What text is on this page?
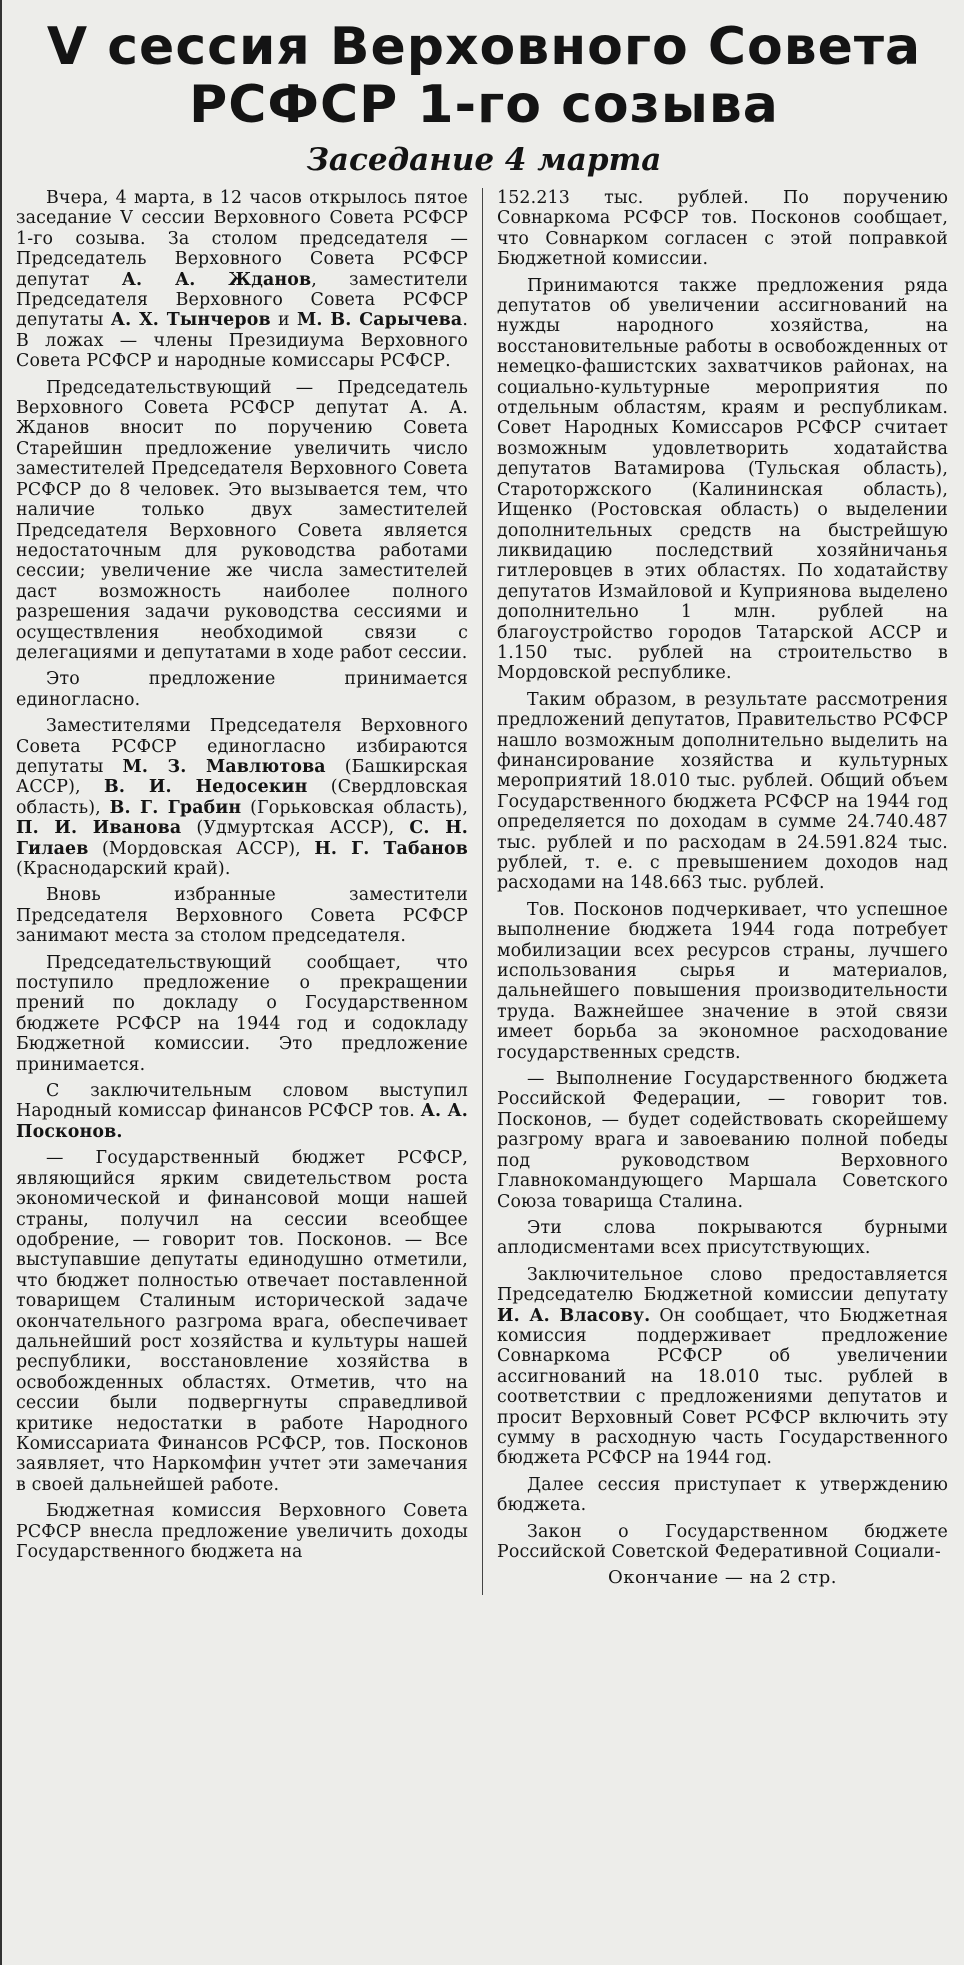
V сессия Верховного Совета
РСФСР 1-го созыва
Заседание 4 марта

Вчера, 4 марта, в 12 часов открылось пятое заседание V сессии Верховного Совета РСФСР 1-го созыва. За столом председателя — Председатель Верховного Совета РСФСР депутат А. А. Жданов, заместители Председателя Верховного Совета РСФСР депутаты А. Х. Тынчеров и М. В. Сарычева. В ложах — члены Президиума Верховного Совета РСФСР и народные комиссары РСФСР.

Председательствующий — Председатель Верховного Совета РСФСР депутат А. А. Жданов вносит по поручению Совета Старейшин предложение увеличить число заместителей Председателя Верховного Совета РСФСР до 8 человек. Это вызывается тем, что наличие только двух заместителей Председателя Верховного Совета является недостаточным для руководства работами сессии; увеличение же числа заместителей даст возможность наиболее полного разрешения задачи руководства сессиями и осуществления необходимой связи с делегациями и депутатами в ходе работ сессии.

Это предложение принимается единогласно.

Заместителями Председателя Верховного Совета РСФСР единогласно избираются депутаты М. З. Мавлютова (Башкирская АССР), В. И. Недосекин (Свердловская область), В. Г. Грабин (Горьковская область), П. И. Иванова (Удмуртская АССР), С. Н. Гилаев (Мордовская АССР), Н. Г. Табанов (Краснодарский край).

Вновь избранные заместители Председателя Верховного Совета РСФСР занимают места за столом председателя.

Председательствующий сообщает, что поступило предложение о прекращении прений по докладу о Государственном бюджете РСФСР на 1944 год и содокладу Бюджетной комиссии. Это предложение принимается.

С заключительным словом выступил Народный комиссар финансов РСФСР тов. А. А. Посконов.

— Государственный бюджет РСФСР, являющийся ярким свидетельством роста экономической и финансовой мощи нашей страны, получил на сессии всеобщее одобрение, — говорит тов. Посконов. — Все выступавшие депутаты единодушно отметили, что бюджет полностью отвечает поставленной товарищем Сталиным исторической задаче окончательного разгрома врага, обеспечивает дальнейший рост хозяйства и культуры нашей республики, восстановление хозяйства в освобожденных областях. Отметив, что на сессии были подвергнуты справедливой критике недостатки в работе Народного Комиссариата Финансов РСФСР, тов. Посконов заявляет, что Наркомфин учтет эти замечания в своей дальнейшей работе.

Бюджетная комиссия Верховного Совета РСФСР внесла предложение увеличить доходы Государственного бюджета на

152.213 тыс. рублей. По поручению Совнаркома РСФСР тов. Посконов сообщает, что Совнарком согласен с этой поправкой Бюджетной комиссии.

Принимаются также предложения ряда депутатов об увеличении ассигнований на нужды народного хозяйства, на восстановительные работы в освобожденных от немецко-фашистских захватчиков районах, на социально-культурные мероприятия по отдельным областям, краям и республикам. Совет Народных Комиссаров РСФСР считает возможным удовлетворить ходатайства депутатов Ватамирова (Тульская область), Староторжского (Калининская область), Ищенко (Ростовская область) о выделении дополнительных средств на быстрейшую ликвидацию последствий хозяйничанья гитлеровцев в этих областях. По ходатайству депутатов Измайловой и Куприянова выделено дополнительно 1 млн. рублей на благоустройство городов Татарской АССР и 1.150 тыс. рублей на строительство в Мордовской республике.

Таким образом, в результате рассмотрения предложений депутатов, Правительство РСФСР нашло возможным дополнительно выделить на финансирование хозяйства и культурных мероприятий 18.010 тыс. рублей. Общий объем Государственного бюджета РСФСР на 1944 год определяется по доходам в сумме 24.740.487 тыс. рублей и по расходам в 24.591.824 тыс. рублей, т. е. с превышением доходов над расходами на 148.663 тыс. рублей.

Тов. Посконов подчеркивает, что успешное выполнение бюджета 1944 года потребует мобилизации всех ресурсов страны, лучшего использования сырья и материалов, дальнейшего повышения производительности труда. Важнейшее значение в этой связи имеет борьба за экономное расходование государственных средств.

— Выполнение Государственного бюджета Российской Федерации, — говорит тов. Посконов, — будет содействовать скорейшему разгрому врага и завоеванию полной победы под руководством Верховного Главнокомандующего Маршала Советского Союза товарища Сталина.

Эти слова покрываются бурными аплодисментами всех присутствующих.

Заключительное слово предоставляется Председателю Бюджетной комиссии депутату И. А. Власову. Он сообщает, что Бюджетная комиссия поддерживает предложение Совнаркома РСФСР об увеличении ассигнований на 18.010 тыс. рублей в соответствии с предложениями депутатов и просит Верховный Совет РСФСР включить эту сумму в расходную часть Государственного бюджета РСФСР на 1944 год.

Далее сессия приступает к утверждению бюджета.

Закон о Государственном бюджете Российской Советской Федеративной Социали-

Окончание — на 2 стр.
